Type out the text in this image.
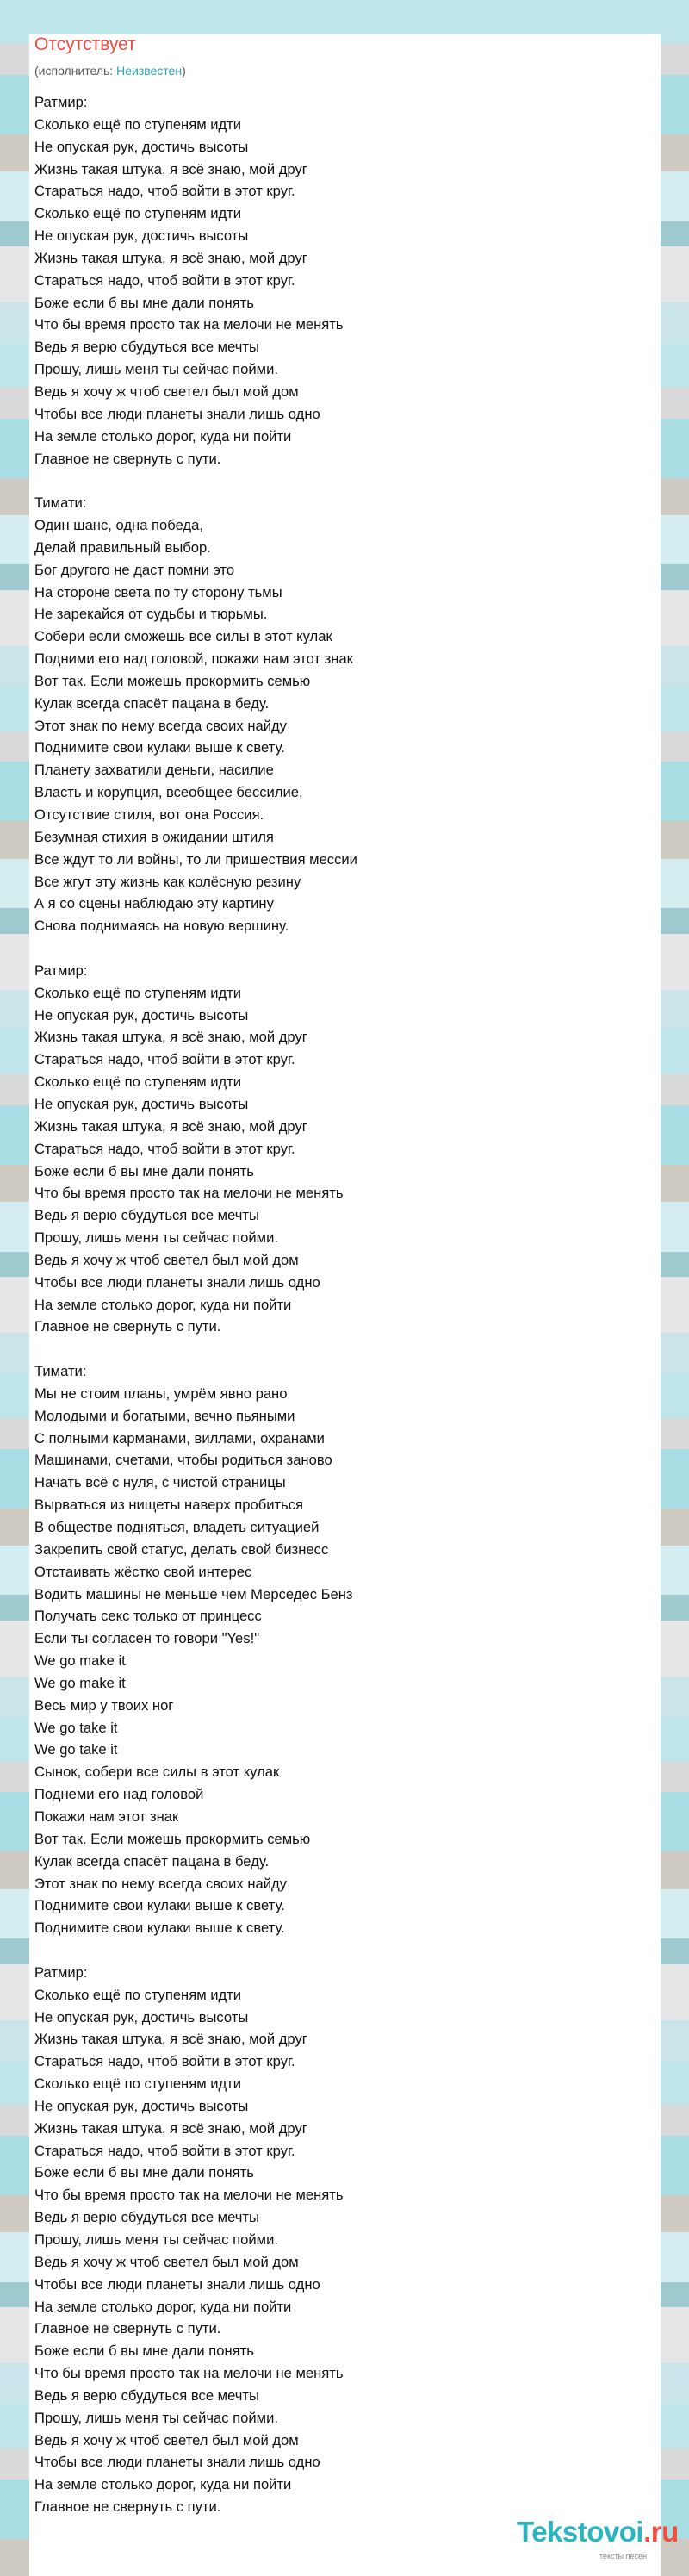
Отсутствует
(исполнитель: Неизвестен)
Ратмир:
Сколько ещё по ступеням идти
Не опуская рук, достичь высоты
Жизнь такая штука, я всё знаю, мой друг
Стараться надо, чтоб войти в этот круг.
Сколько ещё по ступеням идти
Не опуская рук, достичь высоты
Жизнь такая штука, я всё знаю, мой друг
Стараться надо, чтоб войти в этот круг.
Боже если б вы мне дали понять
Что бы время просто так на мелочи не менять
Ведь я верю сбудуться все мечты
Прошу, лишь меня ты сейчас пойми.
Ведь я хочу ж чтоб светел был мой дом
Чтобы все люди планеты знали лишь одно
На земле столько дорог, куда ни пойти
Главное не свернуть с пути.
Тимати:
Один шанс, одна победа,
Делай правильный выбор.
Бог другого не даст помни это
На стороне света по ту сторону тьмы
Не зарекайся от судьбы и тюрьмы.
Собери если сможешь все силы в этот кулак
Подними его над головой, покажи нам этот знак
Вот так. Если можешь прокормить семью
Кулак всегда спасёт пацана в беду.
Этот знак по нему всегда своих найду
Поднимите свои кулаки выше к свету.
Планету захватили деньги, насилие
Власть и корупция, всеобщее бессилие,
Отсутствие стиля, вот она Россия.
Безумная стихия в ожидании штиля
Все ждут то ли войны, то ли пришествия мессии
Все жгут эту жизнь как колёсную резину
А я со сцены наблюдаю эту картину
Снова поднимаясь на новую вершину.
Ратмир:
Сколько ещё по ступеням идти
Не опуская рук, достичь высоты
Жизнь такая штука, я всё знаю, мой друг
Стараться надо, чтоб войти в этот круг.
Сколько ещё по ступеням идти
Не опуская рук, достичь высоты
Жизнь такая штука, я всё знаю, мой друг
Стараться надо, чтоб войти в этот круг.
Боже если б вы мне дали понять
Что бы время просто так на мелочи не менять
Ведь я верю сбудуться все мечты
Прошу, лишь меня ты сейчас пойми.
Ведь я хочу ж чтоб светел был мой дом
Чтобы все люди планеты знали лишь одно
На земле столько дорог, куда ни пойти
Главное не свернуть с пути.
Тимати:
Мы не стоим планы, умрём явно рано
Молодыми и богатыми, вечно пьяными
С полными карманами, виллами, охранами
Машинами, счетами, чтобы родиться заново
Начать всё с нуля, с чистой страницы
Вырваться из нищеты наверх пробиться
В обществе подняться, владеть ситуацией
Закрепить свой статус, делать свой бизнесс
Отстаивать жёстко свой интерес
Водить машины не меньше чем Мерседес Бенз
Получать секс только от принцесс
Если ты согласен то говори "Yes!"
We go make it
We go make it
Весь мир у твоих ног
We go take it
We go take it
Сынок, собери все силы в этот кулак
Поднеми его над головой
Покажи нам этот знак
Вот так. Если можешь прокормить семью
Кулак всегда спасёт пацана в беду.
Этот знак по нему всегда своих найду
Поднимите свои кулаки выше к свету.
Поднимите свои кулаки выше к свету.
Ратмир:
Сколько ещё по ступеням идти
Не опуская рук, достичь высоты
Жизнь такая штука, я всё знаю, мой друг
Стараться надо, чтоб войти в этот круг.
Сколько ещё по ступеням идти
Не опуская рук, достичь высоты
Жизнь такая штука, я всё знаю, мой друг
Стараться надо, чтоб войти в этот круг.
Боже если б вы мне дали понять
Что бы время просто так на мелочи не менять
Ведь я верю сбудуться все мечты
Прошу, лишь меня ты сейчас пойми.
Ведь я хочу ж чтоб светел был мой дом
Чтобы все люди планеты знали лишь одно
На земле столько дорог, куда ни пойти
Главное не свернуть с пути.
Боже если б вы мне дали понять
Что бы время просто так на мелочи не менять
Ведь я верю сбудуться все мечты
Прошу, лишь меня ты сейчас пойми.
Ведь я хочу ж чтоб светел был мой дом
Чтобы все люди планеты знали лишь одно
На земле столько дорог, куда ни пойти
Главное не свернуть с пути.
Tekstovoi.ru
тексты песен
